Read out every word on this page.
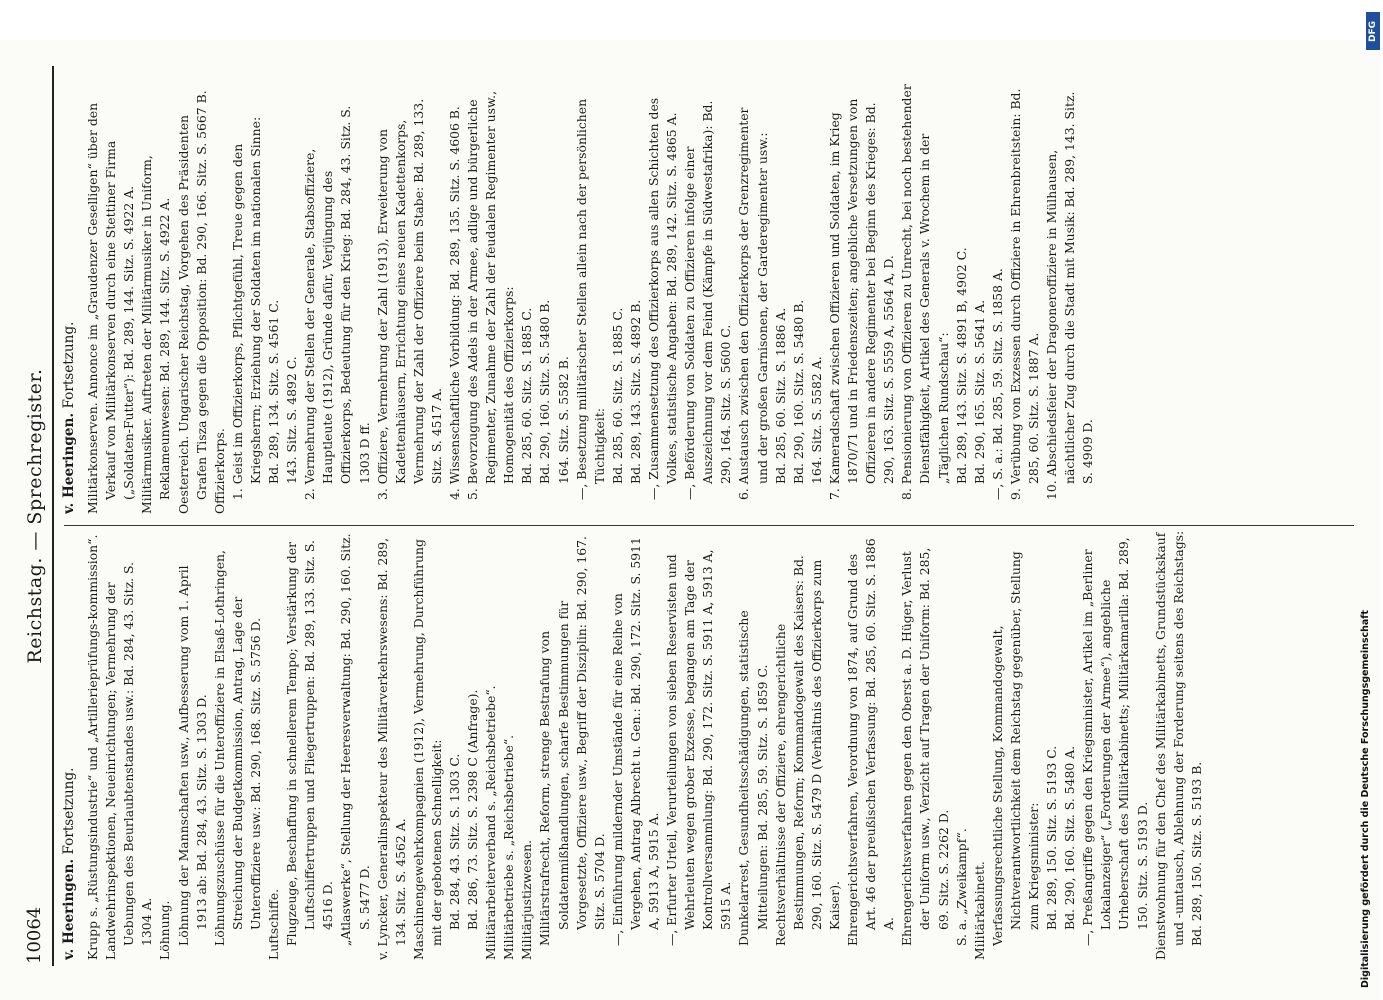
10064
Reichstag. — Sprechregister.
v. Heeringen. Fortsetzung. Krupp s. „Rüstungsindustrie“ und „Artillerieprüfungs-kommission“. Landwehrinspektionen, Neueinrichtungen; Vermehrung der Uebungen des Beurlaubtenstandes usw.: Bd. 284, 43. Sitz. S. 1304 A. Löhnung. Löhnung der Mannschaften usw., Aufbesserung vom 1. April 1913 ab: Bd. 284, 43. Sitz. S. 1303 D. Löhnungszuschüsse für die Unteroffiziere in Elsaß-Lothringen, Streichung der Budgetkommission, Antrag, Lage der Unteroffiziere usw.: Bd. 290, 168. Sitz. S. 5756 D. Luftschiffe. Flugzeuge, Beschaffung in schnellerem Tempo; Verstärkung der Luftschiffertruppen und Fliegertruppen: Bd. 289, 133. Sitz. S. 4516 D. „Atlaswerke“, Stellung der Heeresverwaltung: Bd. 290, 160. Sitz. S. 5477 D. v. Lyncker, Generalinspekteur des Militärverkehrswesens: Bd. 289, 134. Sitz. S. 4562 A. Maschinengewehrkompagnien (1912), Vermehrung, Durchführung mit der gebotenen Schnelligkeit: Bd. 284, 43. Sitz. S. 1303 C. Bd. 286, 73. Sitz. S. 2398 C (Anfrage). Militärarbeiterverband s. „Reichsbetriebe“. Militärbetriebe s. „Reichsbetriebe“. Militärjustizwesen. Militärstrafrecht, Reform, strenge Bestrafung von Soldatenmißhandlungen, scharfe Bestimmungen für Vorgesetzte, Offiziere usw., Begriff der Disziplin: Bd. 290, 167. Sitz. S. 5704 D. —, Einführung mildernder Umstände für eine Reihe von Vergehen, Antrag Albrecht u. Gen.: Bd. 290, 172. Sitz. S. 5911 A, 5913 A, 5915 A. —, Erfurter Urteil, Verurteilungen von sieben Reservisten und Wehrleuten wegen grober Exzesse, begangen am Tage der Kontrollversammlung: Bd. 290, 172. Sitz. S. 5911 A, 5913 A, 5915 A. Dunkelarrest, Gesundheitsschädigungen, statistische Mitteilungen: Bd. 285, 59. Sitz. S. 1859 C. Rechtsverhältnisse der Offiziere, ehrengerichtliche Bestimmungen, Reform; Kommandogewalt des Kaisers: Bd. 290, 160. Sitz. S. 5479 D (Verhältnis des Offizierkorps zum Kaiser). Ehrengerichtsverfahren, Verordnung von 1874, auf Grund des Art. 46 der preußischen Verfassung: Bd. 285, 60. Sitz. S. 1886 A. Ehrengerichtsverfahren gegen den Oberst a. D. Hüger, Verlust der Uniform usw., Verzicht auf Tragen der Uniform: Bd. 285, 69. Sitz. S. 2262 D. S. a. „Zweikampf“. Militärkabinett. Verfassungsrechtliche Stellung, Kommandogewalt, Nichtverantwortlichkeit dem Reichstag gegenüber, Stellung zum Kriegsminister: Bd. 289, 150. Sitz. S. 5193 C. Bd. 290, 160. Sitz. S. 5480 A. —, Preßangriffe gegen den Kriegsminister, Artikel im „Berliner Lokalanzeiger“ („Forderungen der Armee“), angebliche Urheberschaft des Militärkabinetts; Militärkamarilla: Bd. 289, 150. Sitz. S. 5193 D. Dienstwohnung für den Chef des Militärkabinetts, Grundstückskauf und -umtausch, Ablehnung der Forderung seitens des Reichstags: Bd. 289, 150. Sitz. S. 5193 B.

v. Heeringen. Fortsetzung. Militärkonserven. Annonce im „Graudenzer Geselligen“ über den Verkauf von Militärkonserven durch eine Stettiner Firma („Soldaten-Futter“): Bd. 289, 144. Sitz. S. 4922 A. Militärmusiker. Auftreten der Militärmusiker in Uniform, Reklameunwesen: Bd. 289, 144. Sitz. S. 4922 A. Oesterreich. Ungarischer Reichstag, Vorgehen des Präsidenten Grafen Tisza gegen die Opposition: Bd. 290, 166. Sitz. S. 5667 B. Offizierkorps. 1. Geist im Offizierkorps, Pflichtgefühl, Treue gegen den Kriegsherrn; Erziehung der Soldaten im nationalen Sinne: Bd. 289, 134. Sitz. S. 4561 C. 143. Sitz. S. 4892 C. 2. Vermehrung der Stellen der Generale, Stabsoffiziere, Hauptleute (1912), Gründe dafür, Verjüngung des Offizierkorps, Bedeutung für den Krieg: Bd. 284, 43. Sitz. S. 1303 D ff. 3. Offiziere, Vermehrung der Zahl (1913), Erweiterung von Kadettenhäusern, Errichtung eines neuen Kadettenkorps, Vermehrung der Zahl der Offiziere beim Stabe: Bd. 289, 133. Sitz. S. 4517 A. 4. Wissenschaftliche Vorbildung: Bd. 289, 135. Sitz. S. 4606 B. 5. Bevorzugung des Adels in der Armee, adlige und bürgerliche Regimenter, Zunahme der Zahl der feudalen Regimenter usw., Homogenität des Offizierkorps: Bd. 285, 60. Sitz. S. 1885 C. Bd. 290, 160. Sitz. S. 5480 B. 164. Sitz. S. 5582 B. —, Besetzung militärischer Stellen allein nach der persönlichen Tüchtigkeit: Bd. 285, 60. Sitz. S. 1885 C. Bd. 289, 143. Sitz. S. 4892 B. —, Zusammensetzung des Offizierkorps aus allen Schichten des Volkes, statistische Angaben: Bd. 289, 142. Sitz. S. 4865 A. —, Beförderung von Soldaten zu Offizieren infolge einer Auszeichnung vor dem Feind (Kämpfe in Südwestafrika): Bd. 290, 164. Sitz. S. 5600 C. 6. Austausch zwischen den Offizierkorps der Grenzregimenter und der großen Garnisonen, der Garderegimenter usw.: Bd. 285, 60. Sitz. S. 1886 A. Bd. 290, 160. Sitz. S. 5480 B. 164. Sitz. S. 5582 A. 7. Kameradschaft zwischen Offizieren und Soldaten, im Krieg 1870/71 und in Friedenszeiten; angebliche Versetzungen von Offizieren in andere Regimenter bei Beginn des Krieges: Bd. 290, 163. Sitz. S. 5559 A, 5564 A, D. 8. Pensionierung von Offizieren zu Unrecht, bei noch bestehender Dienstfähigkeit, Artikel des Generals v. Wrochem in der „Täglichen Rundschau“: Bd. 289, 143. Sitz. S. 4891 B, 4902 C. Bd. 290, 165. Sitz. S. 5641 A. —, S. a.: Bd. 285, 59. Sitz. S. 1858 A. 9. Verübung von Exzessen durch Offiziere in Ehrenbreitstein: Bd. 285, 60. Sitz. S. 1887 A. 10. Abschiedsfeier der Dragoneroffiziere in Mülhausen, nächtlicher Zug durch die Stadt mit Musik: Bd. 289, 143. Sitz. S. 4909 D.

Digitalisierung gefördert durch die Deutsche Forschungsgemeinschaft
DFG
